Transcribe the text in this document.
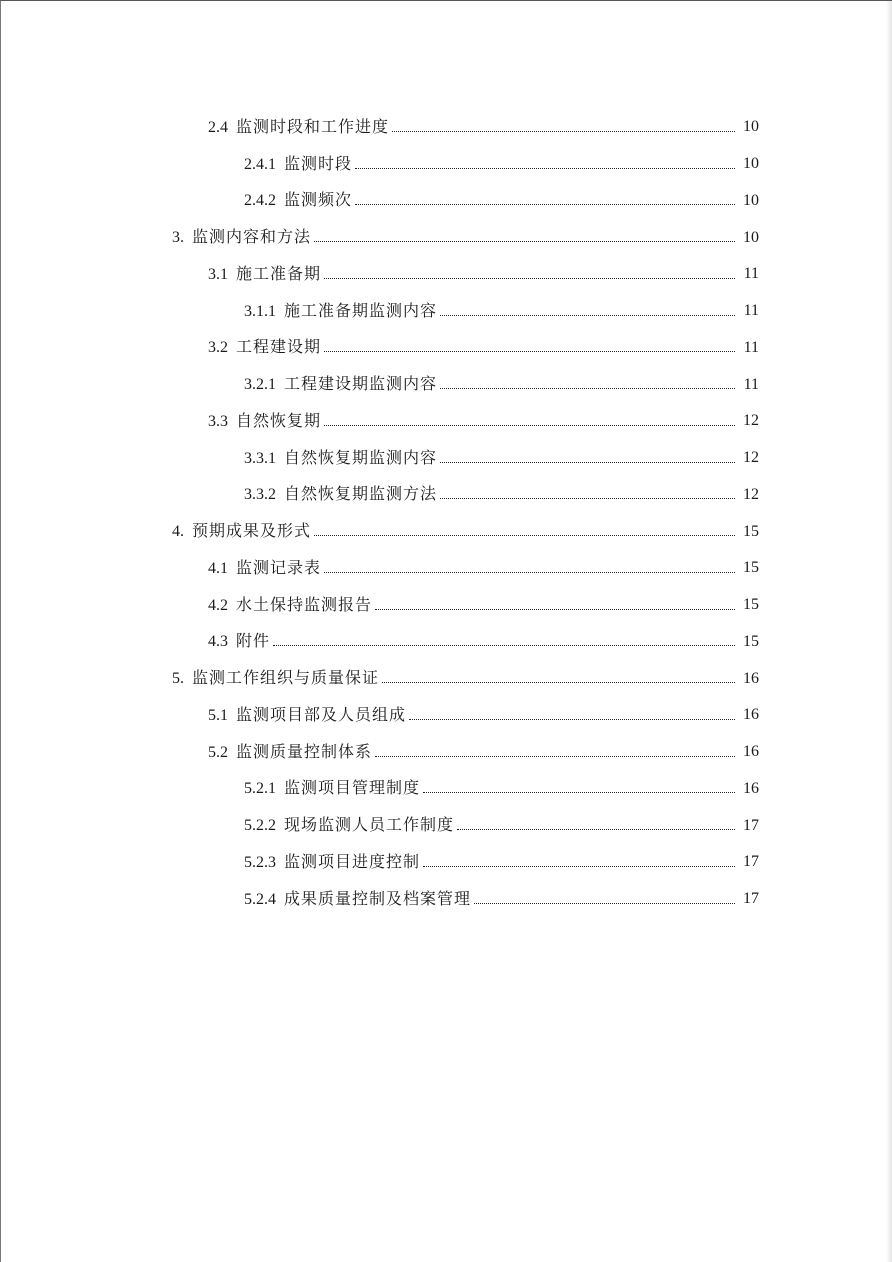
2.4 监测时段和工作进度	10
2.4.1 监测时段	10
2.4.2 监测频次	10
3. 监测内容和方法	10
3.1 施工准备期	11
3.1.1 施工准备期监测内容	11
3.2 工程建设期	11
3.2.1 工程建设期监测内容	11
3.3 自然恢复期	12
3.3.1 自然恢复期监测内容	12
3.3.2 自然恢复期监测方法	12
4. 预期成果及形式	15
4.1 监测记录表	15
4.2 水土保持监测报告	15
4.3 附件	15
5. 监测工作组织与质量保证	16
5.1 监测项目部及人员组成	16
5.2 监测质量控制体系	16
5.2.1 监测项目管理制度	16
5.2.2 现场监测人员工作制度	17
5.2.3 监测项目进度控制	17
5.2.4 成果质量控制及档案管理	17
